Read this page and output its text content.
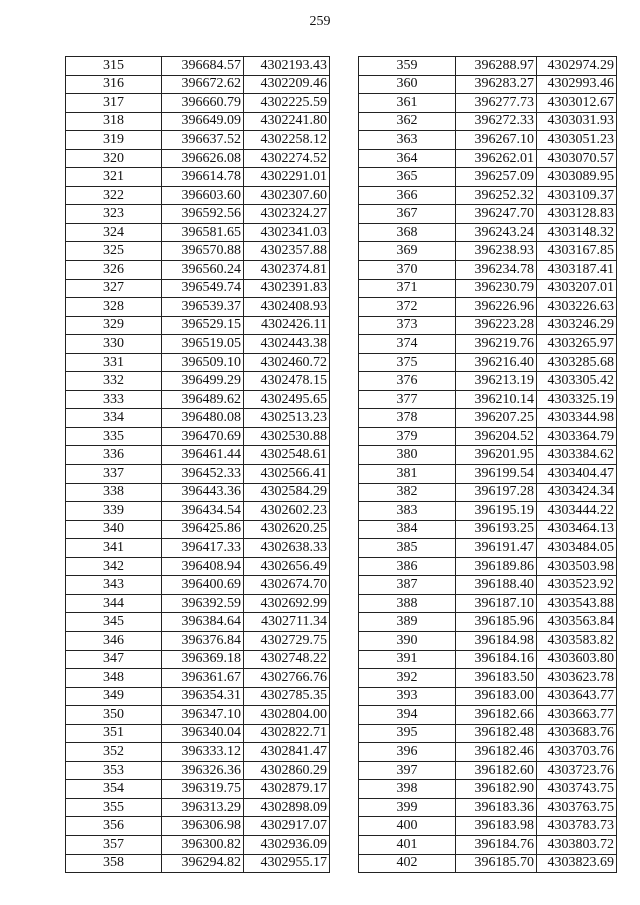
259
315	396684.57	4302193.43
316	396672.62	4302209.46
317	396660.79	4302225.59
318	396649.09	4302241.80
319	396637.52	4302258.12
320	396626.08	4302274.52
321	396614.78	4302291.01
322	396603.60	4302307.60
323	396592.56	4302324.27
324	396581.65	4302341.03
325	396570.88	4302357.88
326	396560.24	4302374.81
327	396549.74	4302391.83
328	396539.37	4302408.93
329	396529.15	4302426.11
330	396519.05	4302443.38
331	396509.10	4302460.72
332	396499.29	4302478.15
333	396489.62	4302495.65
334	396480.08	4302513.23
335	396470.69	4302530.88
336	396461.44	4302548.61
337	396452.33	4302566.41
338	396443.36	4302584.29
339	396434.54	4302602.23
340	396425.86	4302620.25
341	396417.33	4302638.33
342	396408.94	4302656.49
343	396400.69	4302674.70
344	396392.59	4302692.99
345	396384.64	4302711.34
346	396376.84	4302729.75
347	396369.18	4302748.22
348	396361.67	4302766.76
349	396354.31	4302785.35
350	396347.10	4302804.00
351	396340.04	4302822.71
352	396333.12	4302841.47
353	396326.36	4302860.29
354	396319.75	4302879.17
355	396313.29	4302898.09
356	396306.98	4302917.07
357	396300.82	4302936.09
358	396294.82	4302955.17
359	396288.97	4302974.29
360	396283.27	4302993.46
361	396277.73	4303012.67
362	396272.33	4303031.93
363	396267.10	4303051.23
364	396262.01	4303070.57
365	396257.09	4303089.95
366	396252.32	4303109.37
367	396247.70	4303128.83
368	396243.24	4303148.32
369	396238.93	4303167.85
370	396234.78	4303187.41
371	396230.79	4303207.01
372	396226.96	4303226.63
373	396223.28	4303246.29
374	396219.76	4303265.97
375	396216.40	4303285.68
376	396213.19	4303305.42
377	396210.14	4303325.19
378	396207.25	4303344.98
379	396204.52	4303364.79
380	396201.95	4303384.62
381	396199.54	4303404.47
382	396197.28	4303424.34
383	396195.19	4303444.22
384	396193.25	4303464.13
385	396191.47	4303484.05
386	396189.86	4303503.98
387	396188.40	4303523.92
388	396187.10	4303543.88
389	396185.96	4303563.84
390	396184.98	4303583.82
391	396184.16	4303603.80
392	396183.50	4303623.78
393	396183.00	4303643.77
394	396182.66	4303663.77
395	396182.48	4303683.76
396	396182.46	4303703.76
397	396182.60	4303723.76
398	396182.90	4303743.75
399	396183.36	4303763.75
400	396183.98	4303783.73
401	396184.76	4303803.72
402	396185.70	4303823.69
